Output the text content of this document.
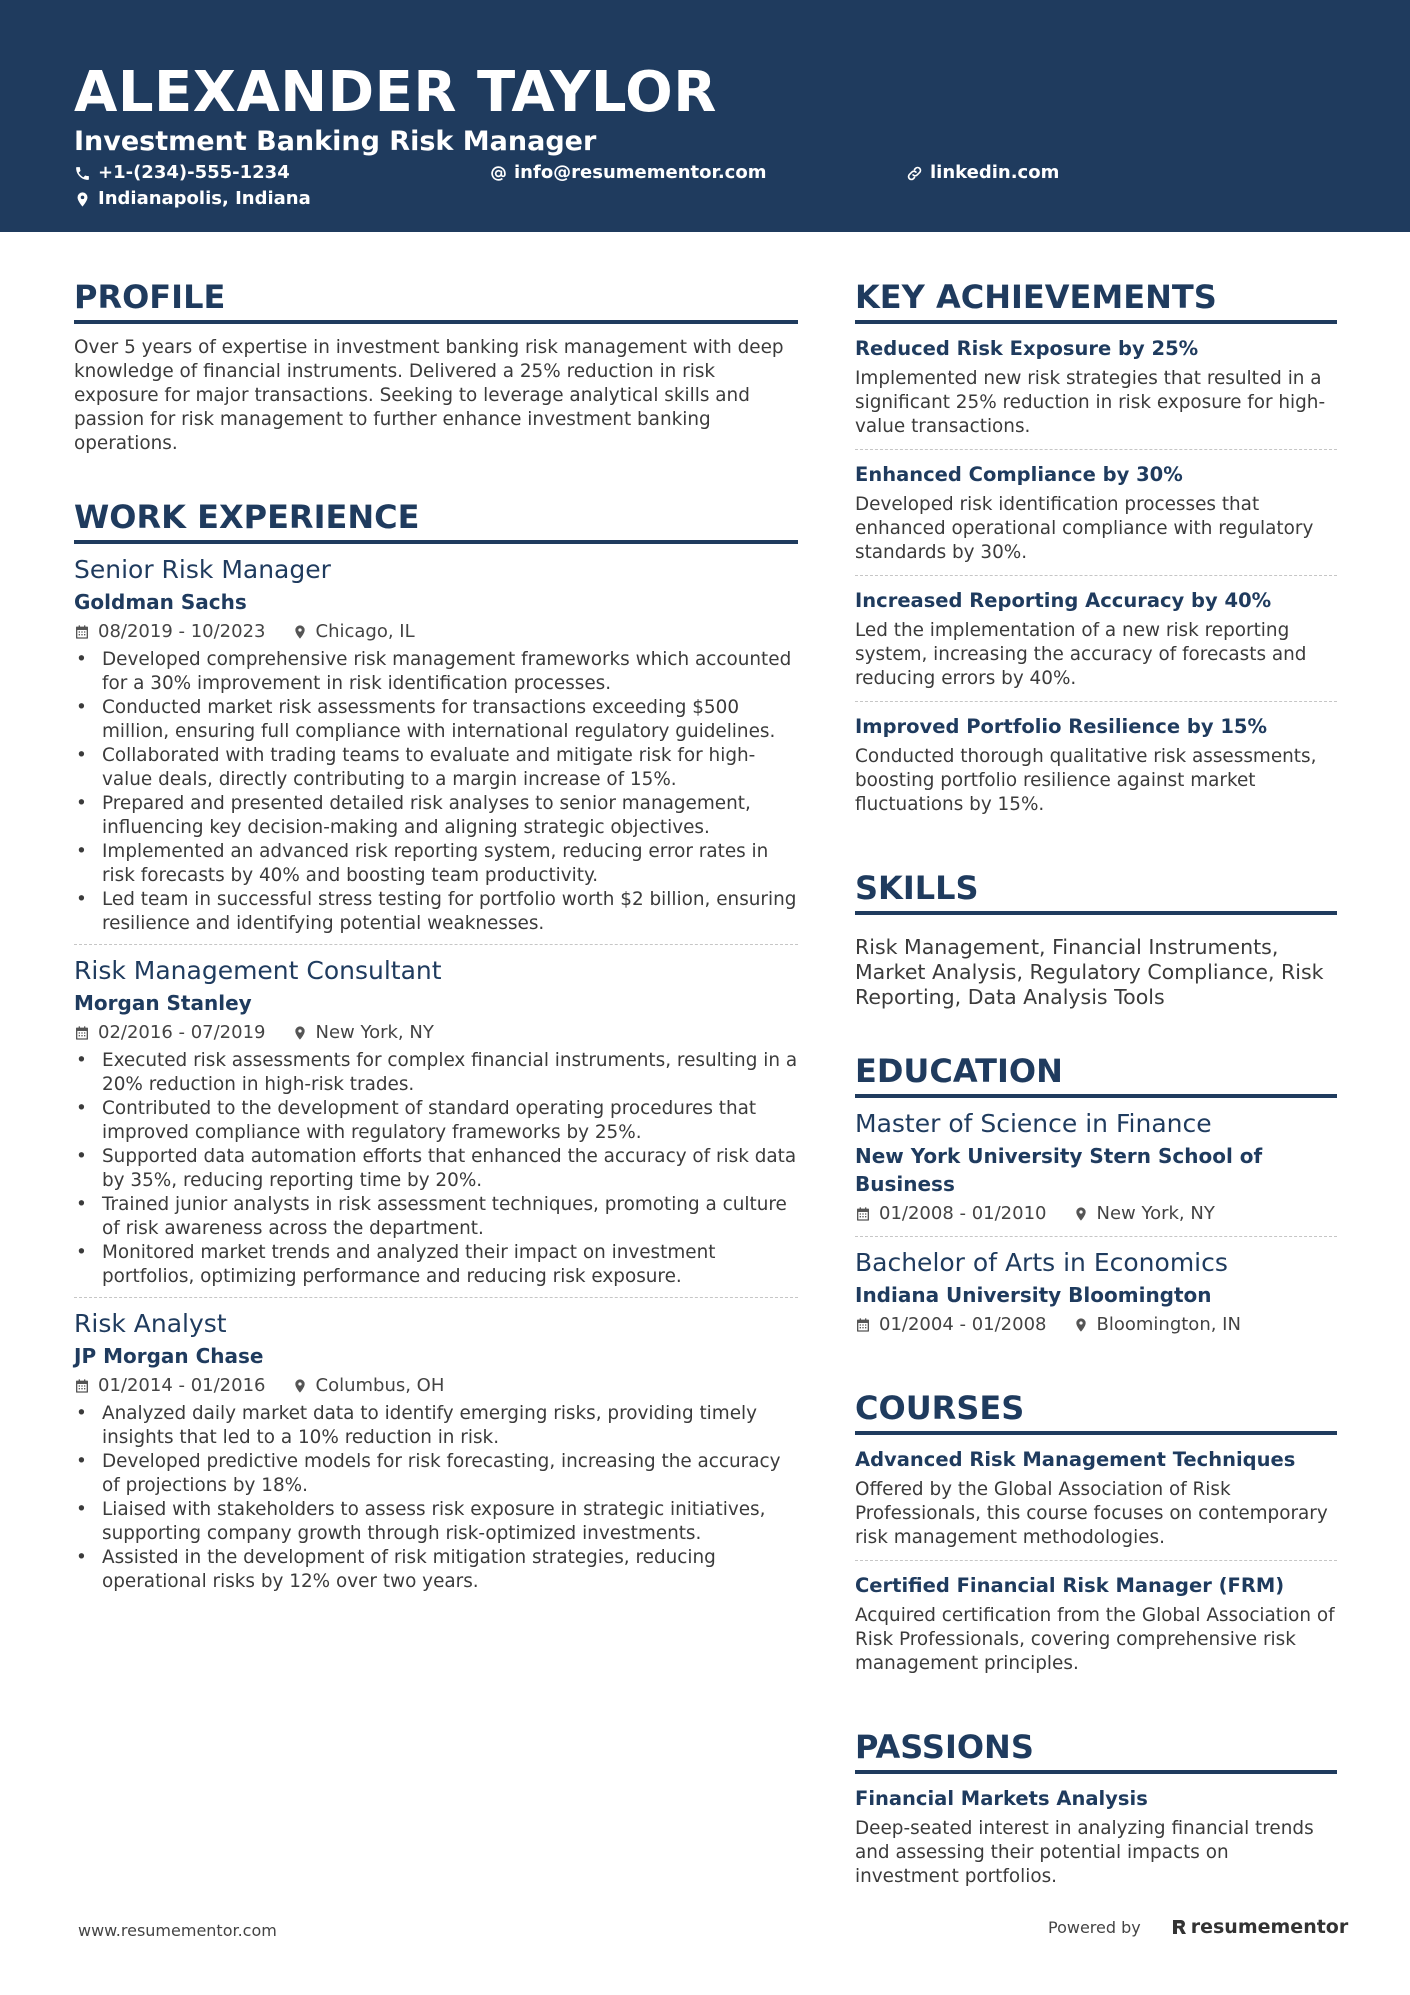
ALEXANDER TAYLOR
Investment Banking Risk Manager
+1-(234)-555-1234	info@resumementor.com	linkedin.com
Indianapolis, Indiana
PROFILE
Over 5 years of expertise in investment banking risk management with deep knowledge of financial instruments. Delivered a 25% reduction in risk exposure for major transactions. Seeking to leverage analytical skills and passion for risk management to further enhance investment banking operations.
WORK EXPERIENCE
Senior Risk Manager
Goldman Sachs
08/2019 - 10/2023	Chicago, IL
• Developed comprehensive risk management frameworks which accounted for a 30% improvement in risk identification processes.
• Conducted market risk assessments for transactions exceeding $500 million, ensuring full compliance with international regulatory guidelines.
• Collaborated with trading teams to evaluate and mitigate risk for high-value deals, directly contributing to a margin increase of 15%.
• Prepared and presented detailed risk analyses to senior management, influencing key decision-making and aligning strategic objectives.
• Implemented an advanced risk reporting system, reducing error rates in risk forecasts by 40% and boosting team productivity.
• Led team in successful stress testing for portfolio worth $2 billion, ensuring resilience and identifying potential weaknesses.
Risk Management Consultant
Morgan Stanley
02/2016 - 07/2019	New York, NY
• Executed risk assessments for complex financial instruments, resulting in a 20% reduction in high-risk trades.
• Contributed to the development of standard operating procedures that improved compliance with regulatory frameworks by 25%.
• Supported data automation efforts that enhanced the accuracy of risk data by 35%, reducing reporting time by 20%.
• Trained junior analysts in risk assessment techniques, promoting a culture of risk awareness across the department.
• Monitored market trends and analyzed their impact on investment portfolios, optimizing performance and reducing risk exposure.
Risk Analyst
JP Morgan Chase
01/2014 - 01/2016	Columbus, OH
• Analyzed daily market data to identify emerging risks, providing timely insights that led to a 10% reduction in risk.
• Developed predictive models for risk forecasting, increasing the accuracy of projections by 18%.
• Liaised with stakeholders to assess risk exposure in strategic initiatives, supporting company growth through risk-optimized investments.
• Assisted in the development of risk mitigation strategies, reducing operational risks by 12% over two years.
KEY ACHIEVEMENTS
Reduced Risk Exposure by 25%
Implemented new risk strategies that resulted in a significant 25% reduction in risk exposure for high-value transactions.
Enhanced Compliance by 30%
Developed risk identification processes that enhanced operational compliance with regulatory standards by 30%.
Increased Reporting Accuracy by 40%
Led the implementation of a new risk reporting system, increasing the accuracy of forecasts and reducing errors by 40%.
Improved Portfolio Resilience by 15%
Conducted thorough qualitative risk assessments, boosting portfolio resilience against market fluctuations by 15%.
SKILLS
Risk Management, Financial Instruments, Market Analysis, Regulatory Compliance, Risk Reporting, Data Analysis Tools
EDUCATION
Master of Science in Finance
New York University Stern School of Business
01/2008 - 01/2010	New York, NY
Bachelor of Arts in Economics
Indiana University Bloomington
01/2004 - 01/2008	Bloomington, IN
COURSES
Advanced Risk Management Techniques
Offered by the Global Association of Risk Professionals, this course focuses on contemporary risk management methodologies.
Certified Financial Risk Manager (FRM)
Acquired certification from the Global Association of Risk Professionals, covering comprehensive risk management principles.
PASSIONS
Financial Markets Analysis
Deep-seated interest in analyzing financial trends and assessing their potential impacts on investment portfolios.
www.resumementor.com	Powered by	resumementor
